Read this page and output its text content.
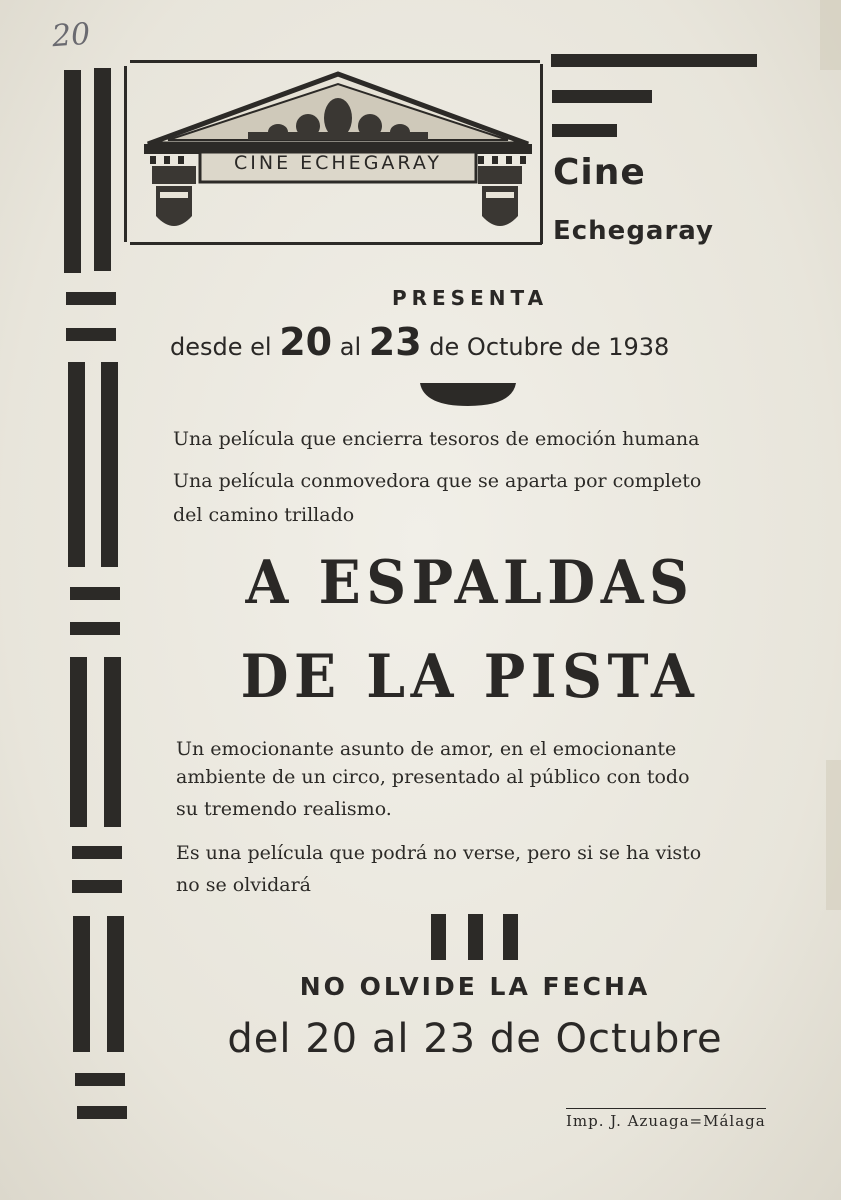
20
CINE ECHEGARAY	Cine
Echegaray
PRESENTA
desde el 20 al 23 de Octubre de 1938
Una película que encierra tesoros de emoción humana
Una película conmovedora que se aparta por completo
del camino trillado
A ESPALDAS
DE LA PISTA
Un emocionante asunto de amor, en el emocionante
ambiente de un circo, presentado al público con todo
su tremendo realismo.
Es una película que podrá no verse, pero si se ha visto
no se olvidará
NO OLVIDE LA FECHA
del 20 al 23 de Octubre
Imp. J. Azuaga=Málaga
